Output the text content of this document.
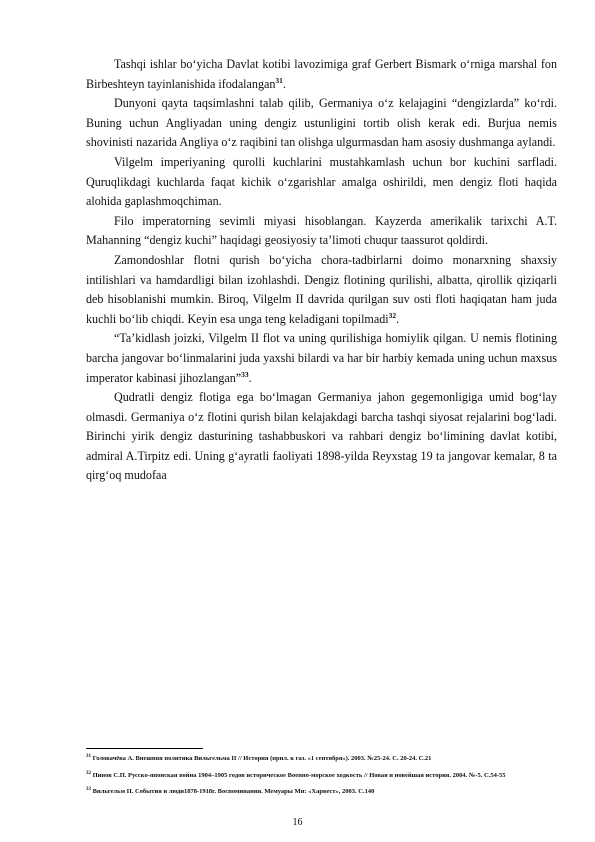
Tashqi ishlar bo‘yicha Davlat kotibi lavozimiga graf Gerbert Bismark o‘rniga marshal fon Birbeshteyn tayinlanishida ifodalangan$^{31}$.

Dunyoni qayta taqsimlashni talab qilib, Germaniya o‘z kelajagini “dengizlarda” ko‘rdi. Buning uchun Angliyadan uning dengiz ustunligini tortib olish kerak edi. Burjua nemis shovinisti nazarida Angliya o‘z raqibini tan olishga ulgurmasdan ham asosiy dushmanga aylandi.

Vilgelm imperiyaning qurolli kuchlarini mustahkamlash uchun bor kuchini sarfladi. Quruqlikdagi kuchlarda faqat kichik o‘zgarishlar amalga oshirildi, men dengiz floti haqida alohida gaplashmoqchiman.

Filo imperatorning sevimli miyasi hisoblangan. Kayzerda amerikalik tarixchi A.T. Mahanning “dengiz kuchi” haqidagi geosiyosiy ta’limoti chuqur taassurot qoldirdi.

Zamondoshlar flotni qurish bo‘yicha chora-tadbirlarni doimo monarxning shaxsiy intilishlari va hamdardligi bilan izohlashdi. Dengiz flotining qurilishi, albatta, qirollik qiziqarli deb hisoblanishi mumkin. Biroq, Vilgelm II davrida qurilgan suv osti floti haqiqatan ham juda kuchli bo‘lib chiqdi. Keyin esa unga teng keladigani topilmadi$^{32}$.

“Ta’kidlash joizki, Vilgelm II flot va uning qurilishiga homiylik qilgan. U nemis flotining barcha jangovar bo‘linmalarini juda yaxshi bilardi va har bir harbiy kemada uning uchun maxsus imperator kabinasi jihozlangan”$^{33}$.

Qudratli dengiz flotiga ega bo‘lmagan Germaniya jahon gegemonligiga umid bog‘lay olmasdi. Germaniya o‘z flotini qurish bilan kelajakdagi barcha tashqi siyosat rejalarini bog‘ladi. Birinchi yirik dengiz dasturining tashabbuskori va rahbari dengiz bo‘limining davlat kotibi, admiral A.Tirpitz edi. Uning g‘ayratli faoliyati 1898-yilda Reyxstag 19 ta jangovar kemalar, 8 ta qirg‘oq mudofaa

$^{31}$ Головачёва А. Внешняя политика Вильгельма II // История (прил. к газ. «1 сентября»). 2003. №25-24. С. 20-24. С.21

$^{32}$ Пинов С.П. Русско-японская война 1904–1905 годов историческое Военно-морское ходкость // Новая и новейшая история. 2004. №-5. С.54-55

$^{33}$ Вильгельм II. События и люди1878-1918г. Воспоминания. Мемуары Мн: «Харвест», 2003. С.140

16
